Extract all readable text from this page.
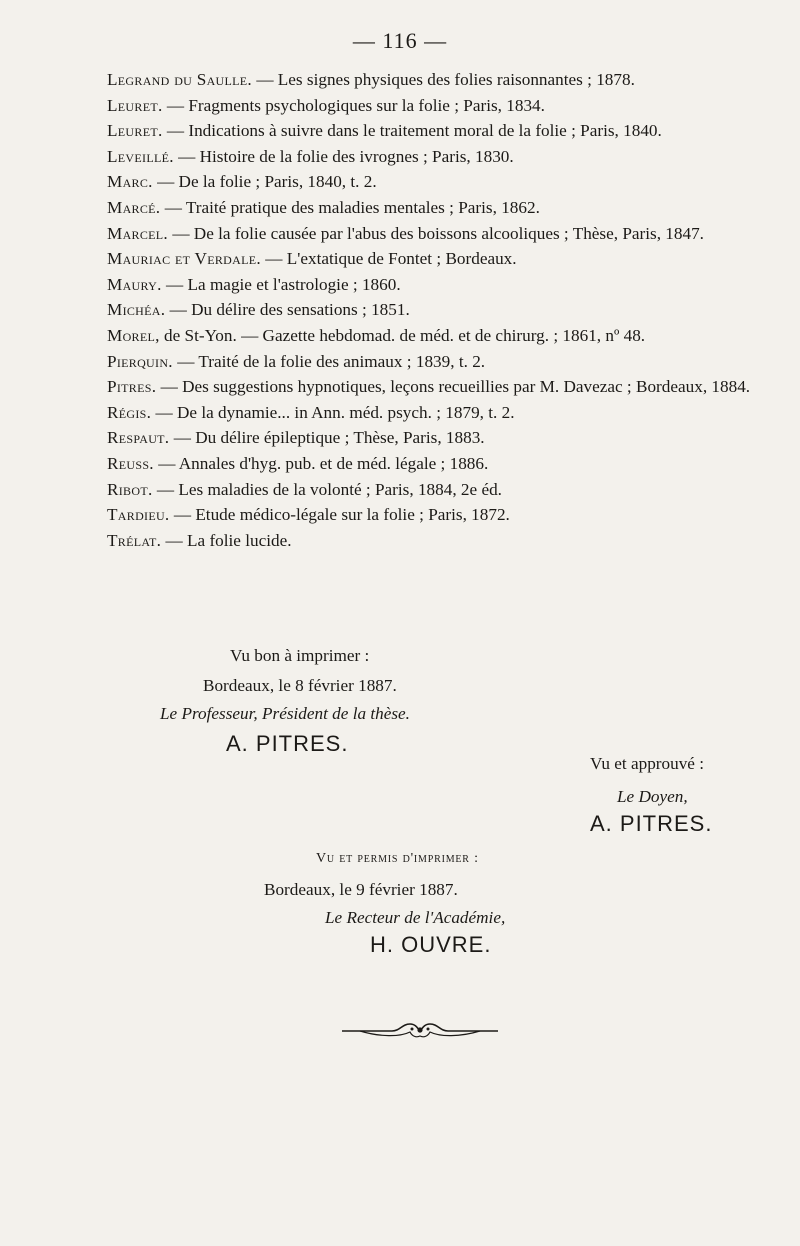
— 116 —
Legrand du Saulle. — Les signes physiques des folies raisonnantes ; 1878.
Leuret. — Fragments psychologiques sur la folie ; Paris, 1834.
Leuret. — Indications à suivre dans le traitement moral de la folie ; Paris, 1840.
Leveillé. — Histoire de la folie des ivrognes ; Paris, 1830.
Marc. — De la folie ; Paris, 1840, t. 2.
Marcé. — Traité pratique des maladies mentales ; Paris, 1862.
Marcel. — De la folie causée par l'abus des boissons alcooliques ; Thèse, Paris, 1847.
Mauriac et Verdale. — L'extatique de Fontet ; Bordeaux.
Maury. — La magie et l'astrologie ; 1860.
Michéa. — Du délire des sensations ; 1851.
Morel, de St-Yon. — Gazette hebdomad. de méd. et de chirurg. ; 1861, nº 48.
Pierquin. — Traité de la folie des animaux ; 1839, t. 2.
Pitres. — Des suggestions hypnotiques, leçons recueillies par M. Davezac ; Bordeaux, 1884.
Régis. — De la dynamie... in Ann. méd. psych. ; 1879, t. 2.
Respaut. — Du délire épileptique ; Thèse, Paris, 1883.
Reuss. — Annales d'hyg. pub. et de méd. légale ; 1886.
Ribot. — Les maladies de la volonté ; Paris, 1884, 2e éd.
Tardieu. — Etude médico-légale sur la folie ; Paris, 1872.
Trélat. — La folie lucide.
Vu bon à imprimer :
Bordeaux, le 8 février 1887.
Le Professeur, Président de la thèse.
A. PITRES.
Vu et approuvé :
Le Doyen,
A. PITRES.
Vu et permis d'imprimer :
Bordeaux, le 9 février 1887.
Le Recteur de l'Académie,
H. OUVRE.
